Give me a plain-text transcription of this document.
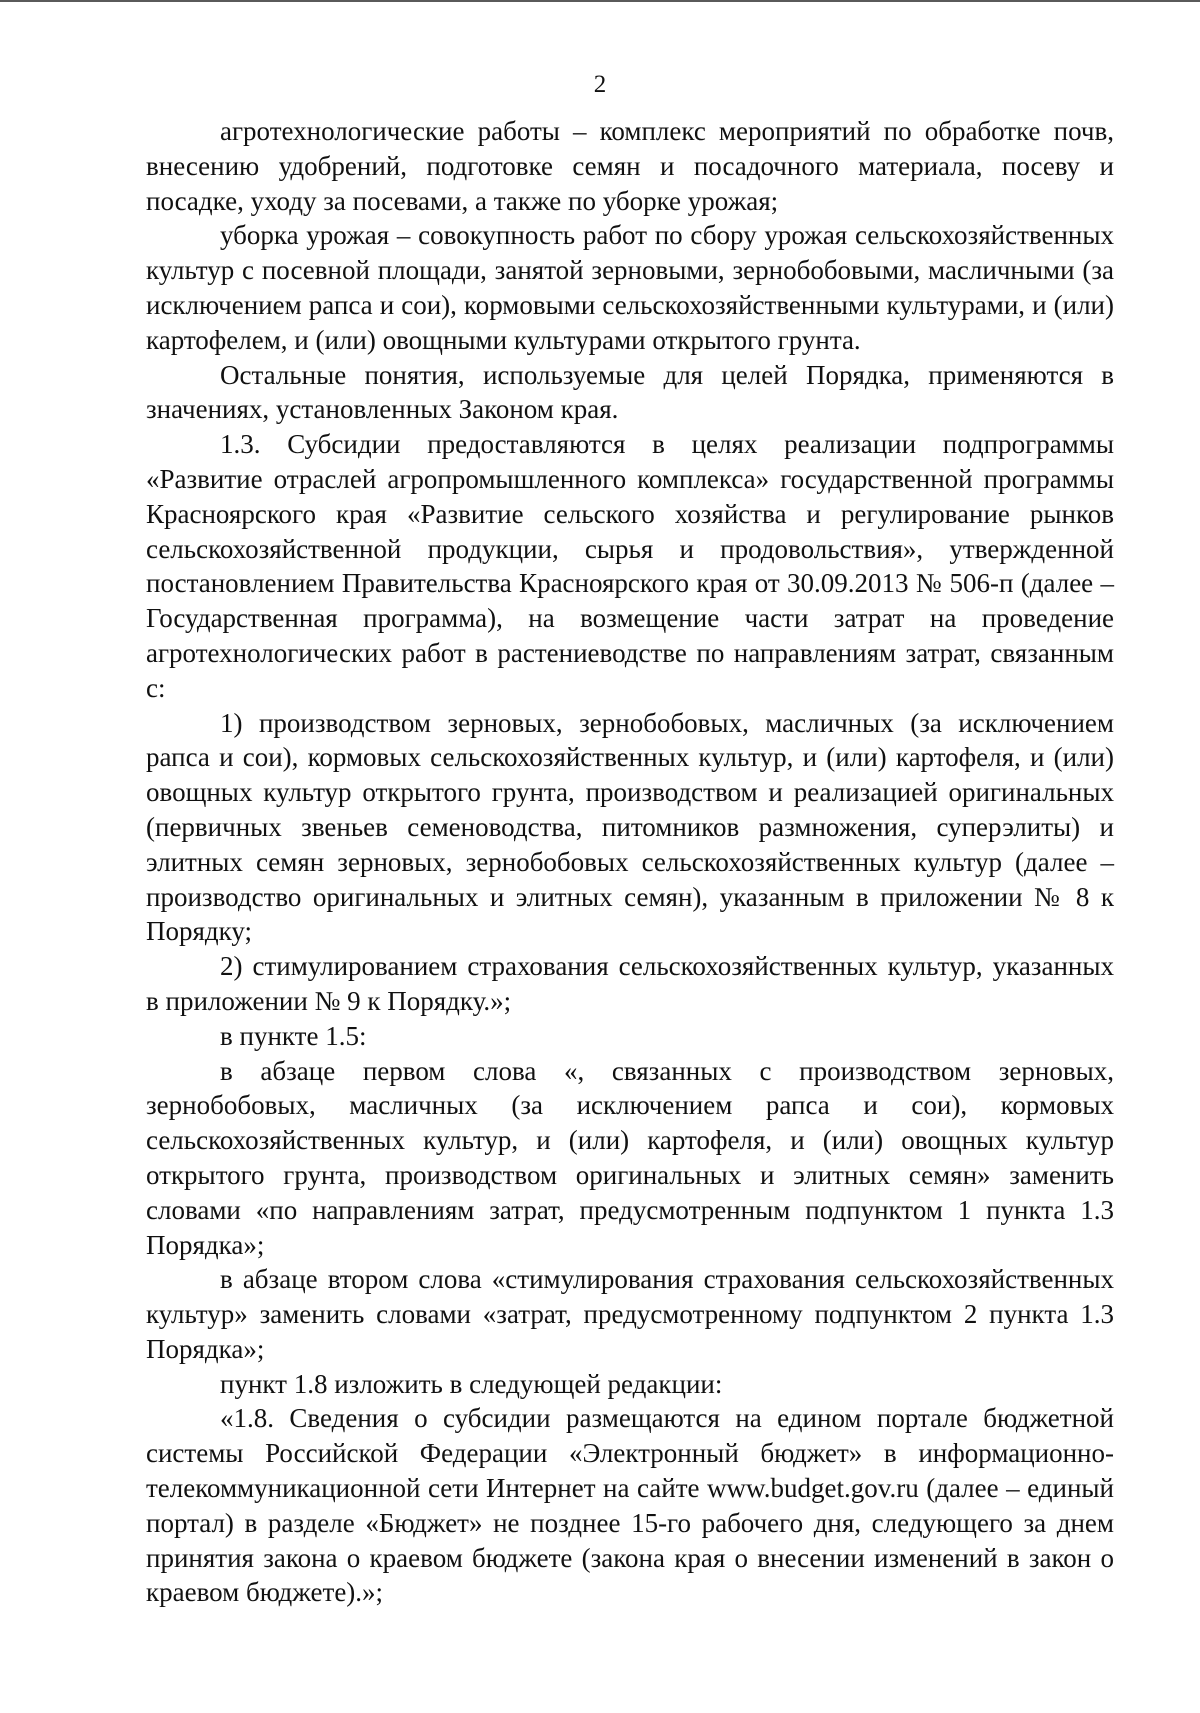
2

агротехнологические работы – комплекс мероприятий по обработке почв, внесению удобрений, подготовке семян и посадочного материала, посеву и посадке, уходу за посевами, а также по уборке урожая;

уборка урожая – совокупность работ по сбору урожая сельскохозяйственных культур с посевной площади, занятой зерновыми, зернобобовыми, масличными (за исключением рапса и сои), кормовыми сельскохозяйственными культурами, и (или) картофелем, и (или) овощными культурами открытого грунта.

Остальные понятия, используемые для целей Порядка, применяются в значениях, установленных Законом края.

1.3. Субсидии предоставляются в целях реализации подпрограммы «Развитие отраслей агропромышленного комплекса» государственной программы Красноярского края «Развитие сельского хозяйства и регулирование рынков сельскохозяйственной продукции, сырья и продовольствия», утвержденной постановлением Правительства Красноярского края от 30.09.2013 № 506-п (далее – Государственная программа), на возмещение части затрат на проведение агротехнологических работ в растениеводстве по направлениям затрат, связанным с:

1) производством зерновых, зернобобовых, масличных (за исключением рапса и сои), кормовых сельскохозяйственных культур, и (или) картофеля, и (или) овощных культур открытого грунта, производством и реализацией оригинальных (первичных звеньев семеноводства, питомников размножения, суперэлиты) и элитных семян зерновых, зернобобовых сельскохозяйственных культур (далее – производство оригинальных и элитных семян), указанным в приложении № 8 к Порядку;

2) стимулированием страхования сельскохозяйственных культур, указанных в приложении № 9 к Порядку.»;

в пункте 1.5:

в абзаце первом слова «, связанных с производством зерновых, зернобобовых, масличных (за исключением рапса и сои), кормовых сельскохозяйственных культур, и (или) картофеля, и (или) овощных культур открытого грунта, производством оригинальных и элитных семян» заменить словами «по направлениям затрат, предусмотренным подпунктом 1 пункта 1.3 Порядка»;

в абзаце втором слова «стимулирования страхования сельскохозяйственных культур» заменить словами «затрат, предусмотренному подпунктом 2 пункта 1.3 Порядка»;

пункт 1.8 изложить в следующей редакции:

«1.8. Сведения о субсидии размещаются на едином портале бюджетной системы Российской Федерации «Электронный бюджет» в информационно-телекоммуникационной сети Интернет на сайте www.budget.gov.ru (далее – единый портал) в разделе «Бюджет» не позднее 15-го рабочего дня, следующего за днем принятия закона о краевом бюджете (закона края о внесении изменений в закон о краевом бюджете).»;
